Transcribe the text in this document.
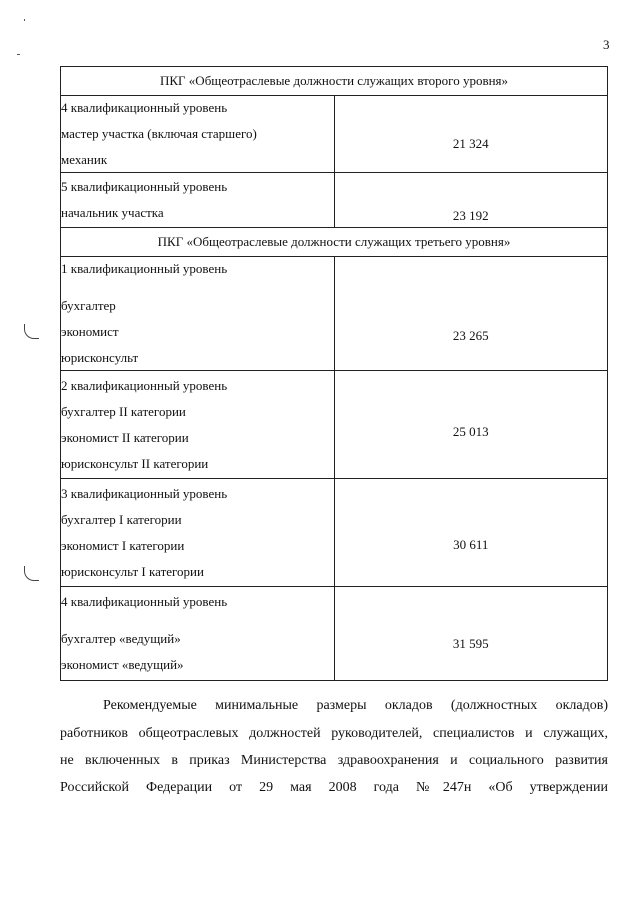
3
ПКГ «Общеотраслевые должности служащих второго уровня»	

4 квалификационный уровень
мастер участка (включая старшего)
механик	21 324

5 квалификационный уровень
начальник участка	23 192
ПКГ «Общеотраслевые должности служащих третьего уровня»	

1 квалификационный уровень
бухгалтер
экономист
юрисконсульт	23 265

2 квалификационный уровень
бухгалтер II категории
экономист II категории
юрисконсульт II категории	25 013

3 квалификационный уровень
бухгалтер I категории
экономист I категории
юрисконсульт I категории	30 611

4 квалификационный уровень
бухгалтер «ведущий»
экономист «ведущий»	31 595
Рекомендуемые минимальные размеры окладов (должностных окладов)
работников общеотраслевых должностей руководителей, специалистов и служащих,
не включенных в приказ Министерства здравоохранения и социального развития
Российской Федерации от 29 мая 2008 года №247н «Об утверждении
